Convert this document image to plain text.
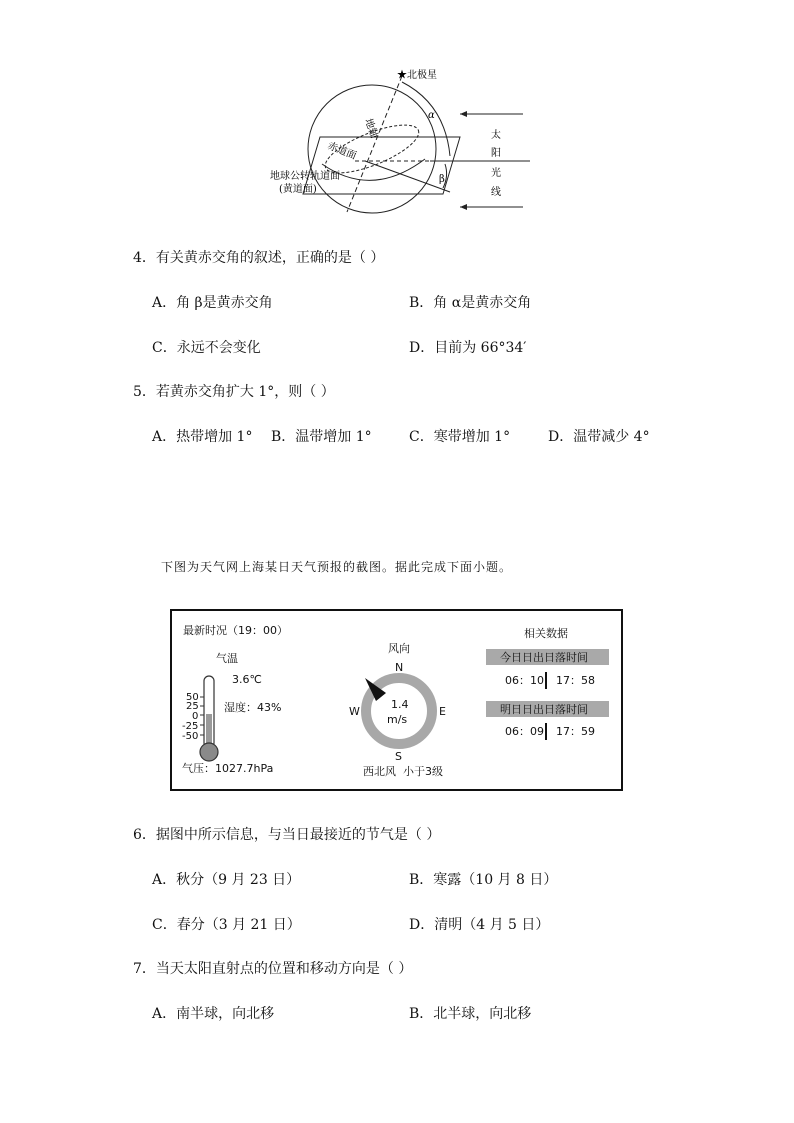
★北极星
地轴
赤道面
地球公转轨道面
(黄道面)
α
β
太
阳
光
线
4．有关黄赤交角的叙述，正确的是（ ）
A．角 β是黄赤交角	B．角 α是黄赤交角
C．永远不会变化	D．目前为 66°34′
5．若黄赤交角扩大 1°，则（ ）
A．热带增加 1° B．温带增加 1°	C．寒带增加 1°	D．温带减少 4°
下图为天气网上海某日天气预报的截图。据此完成下面小题。
最新时况（19：00）
气温
3.6℃
湿度：43%
50
25
0
-25
-50
气压：1027.7hPa
风向
N
S
E
W
1.4
m/s
西北风  小于3级
相关数据
今日日出日落时间
06：10 17：58
明日日出日落时间
06：09 17：59
6．据图中所示信息，与当日最接近的节气是（ ）
A．秋分（9 月 23 日）	B．寒露（10 月 8 日）
C．春分（3 月 21 日）	D．清明（4 月 5 日）
7．当天太阳直射点的位置和移动方向是（ ）
A．南半球，向北移	B．北半球，向北移
